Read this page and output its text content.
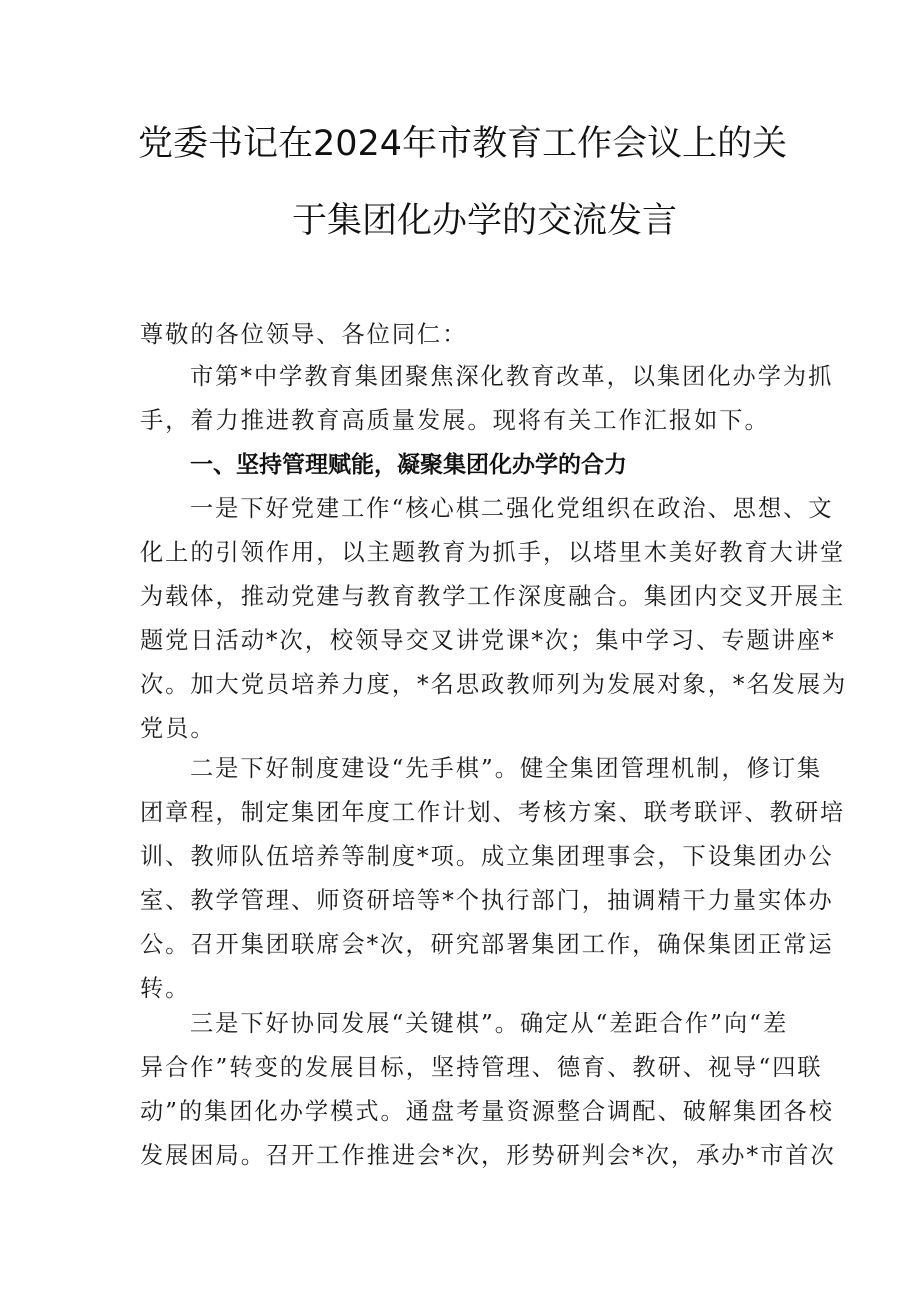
党委书记在2024年市教育工作会议上的关
于集团化办学的交流发言

尊敬的各位领导、各位同仁：

市第*中学教育集团聚焦深化教育改革，以集团化办学为抓
手，着力推进教育高质量发展。现将有关工作汇报如下。

一、坚持管理赋能，凝聚集团化办学的合力

一是下好党建工作“核心棋二强化党组织在政治、思想、文
化上的引领作用，以主题教育为抓手，以塔里木美好教育大讲堂
为载体，推动党建与教育教学工作深度融合。集团内交叉开展主
题党日活动*次，校领导交叉讲党课*次；集中学习、专题讲座*
次。加大党员培养力度，*名思政教师列为发展对象，*名发展为
党员。

二是下好制度建设“先手棋”。健全集团管理机制，修订集
团章程，制定集团年度工作计划、考核方案、联考联评、教研培
训、教师队伍培养等制度*项。成立集团理事会，下设集团办公
室、教学管理、师资研培等*个执行部门，抽调精干力量实体办
公。召开集团联席会*次，研究部署集团工作，确保集团正常运
转。

三是下好协同发展“关键棋”。确定从“差距合作”向“差
异合作”转变的发展目标，坚持管理、德育、教研、视导“四联
动”的集团化办学模式。通盘考量资源整合调配、破解集团各校
发展困局。召开工作推进会*次，形势研判会*次，承办*市首次
